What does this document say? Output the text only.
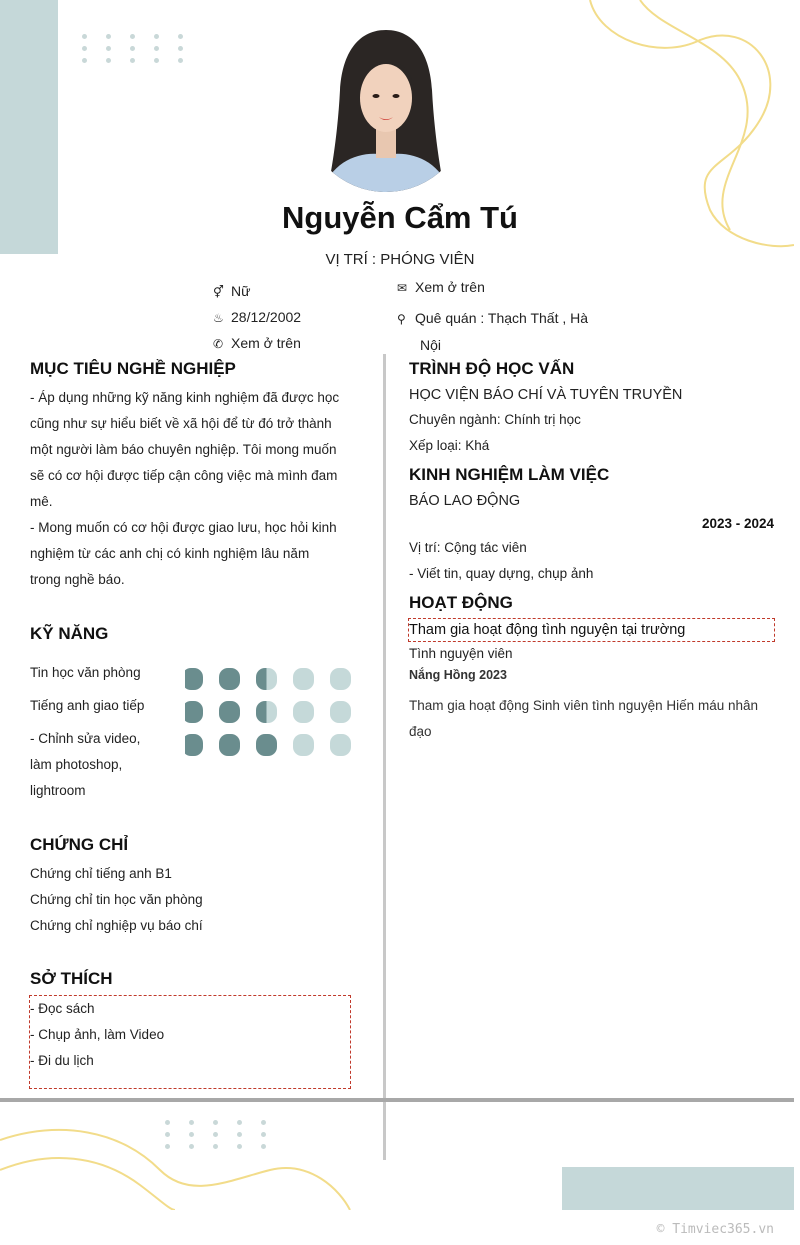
Nguyễn Cẩm Tú
VỊ TRÍ : PHÓNG VIÊN
⚥ Nữ
♨ 28/12/2002
✆ Xem ở trên
✉ Xem ở trên
⚲ Quê quán : Thạch Thất , Hà
Nội
MỤC TIÊU NGHỀ NGHIỆP
- Áp dụng những kỹ năng kinh nghiệm đã được học
cũng như sự hiểu biết về xã hội để từ đó trở thành
một người làm báo chuyên nghiệp. Tôi mong muốn
sẽ có cơ hội được tiếp cận công việc mà mình đam
mê.
- Mong muốn có cơ hội được giao lưu, học hỏi kinh
nghiệm từ các anh chị có kinh nghiệm lâu năm
trong nghề báo.
KỸ NĂNG
Tin học văn phòng
Tiếng anh giao tiếp
- Chỉnh sửa video,
làm photoshop,
lightroom
CHỨNG CHỈ
Chứng chỉ tiếng anh B1
Chứng chỉ tin học văn phòng
Chứng chỉ nghiệp vụ báo chí
SỞ THÍCH
- Đọc sách
- Chụp ảnh, làm Video
- Đi du lịch
TRÌNH ĐỘ HỌC VẤN
HỌC VIỆN BÁO CHÍ VÀ TUYÊN TRUYỀN
Chuyên ngành: Chính trị học
Xếp loại: Khá
KINH NGHIỆM LÀM VIỆC
BÁO LAO ĐỘNG
2023 - 2024
Vị trí: Cộng tác viên
- Viết tin, quay dựng, chụp ảnh
HOẠT ĐỘNG
Tham gia hoạt động tình nguyện tại trường
Tình nguyện viên
Nắng Hồng 2023
Tham gia hoạt động Sinh viên tình nguyện Hiến máu nhân
đạo
© Timviec365.vn
